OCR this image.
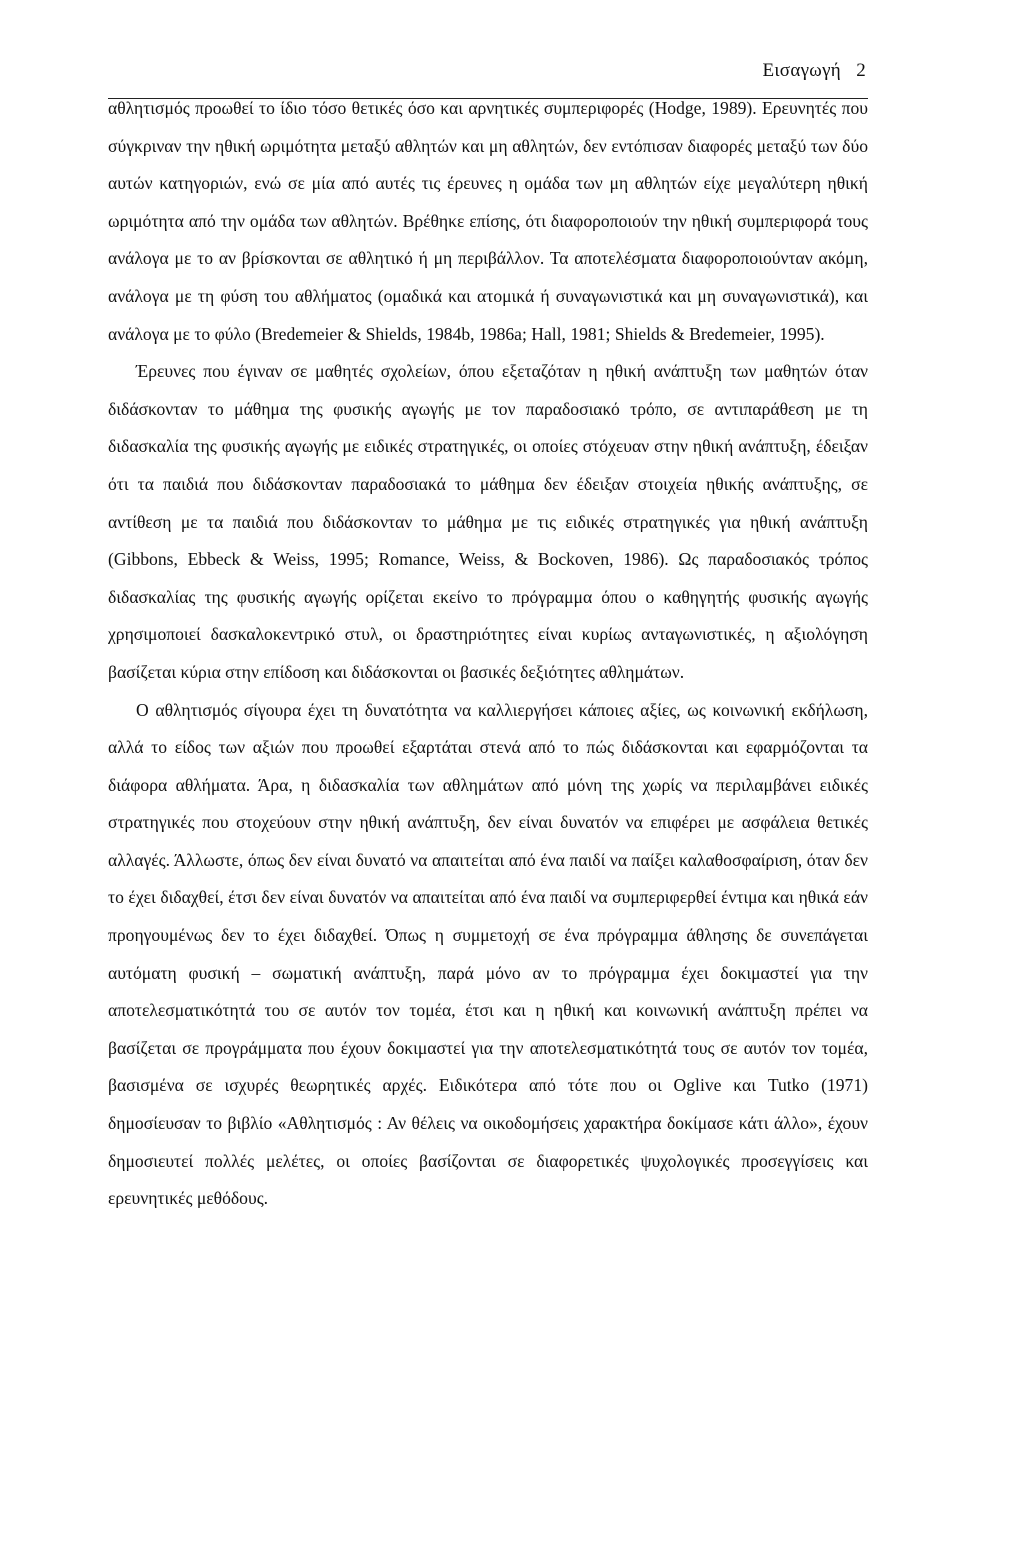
Εισαγωγή 2

αθλητισμός προωθεί το ίδιο τόσο θετικές όσο και αρνητικές συμπεριφορές (Hodge, 1989). Ερευνητές που σύγκριναν την ηθική ωριμότητα μεταξύ αθλητών και μη αθλητών, δεν εντόπισαν διαφορές μεταξύ των δύο αυτών κατηγοριών, ενώ σε μία από αυτές τις έρευνες η ομάδα των μη αθλητών είχε μεγαλύτερη ηθική ωριμότητα από την ομάδα των αθλητών. Βρέθηκε επίσης, ότι διαφοροποιούν την ηθική συμπεριφορά τους ανάλογα με το αν βρίσκονται σε αθλητικό ή μη περιβάλλον. Τα αποτελέσματα διαφοροποιούνταν ακόμη, ανάλογα με τη φύση του αθλήματος (ομαδικά και ατομικά ή συναγωνιστικά και μη συναγωνιστικά), και ανάλογα με το φύλο (Bredemeier & Shields, 1984b, 1986a; Hall, 1981; Shields & Bredemeier, 1995).

Έρευνες που έγιναν σε μαθητές σχολείων, όπου εξεταζόταν η ηθική ανάπτυξη των μαθητών όταν διδάσκονταν το μάθημα της φυσικής αγωγής με τον παραδοσιακό τρόπο, σε αντιπαράθεση με τη διδασκαλία της φυσικής αγωγής με ειδικές στρατηγικές, οι οποίες στόχευαν στην ηθική ανάπτυξη, έδειξαν ότι τα παιδιά που διδάσκονταν παραδοσιακά το μάθημα δεν έδειξαν στοιχεία ηθικής ανάπτυξης, σε αντίθεση με τα παιδιά που διδάσκονταν το μάθημα με τις ειδικές στρατηγικές για ηθική ανάπτυξη (Gibbons, Ebbeck & Weiss, 1995; Romance, Weiss, & Bockoven, 1986). Ως παραδοσιακός τρόπος διδασκαλίας της φυσικής αγωγής ορίζεται εκείνο το πρόγραμμα όπου ο καθηγητής φυσικής αγωγής χρησιμοποιεί δασκαλοκεντρικό στυλ, οι δραστηριότητες είναι κυρίως ανταγωνιστικές, η αξιολόγηση βασίζεται κύρια στην επίδοση και διδάσκονται οι βασικές δεξιότητες αθλημάτων.

Ο αθλητισμός σίγουρα έχει τη δυνατότητα να καλλιεργήσει κάποιες αξίες, ως κοινωνική εκδήλωση, αλλά το είδος των αξιών που προωθεί εξαρτάται στενά από το πώς διδάσκονται και εφαρμόζονται τα διάφορα αθλήματα. Άρα, η διδασκαλία των αθλημάτων από μόνη της χωρίς να περιλαμβάνει ειδικές στρατηγικές που στοχεύουν στην ηθική ανάπτυξη, δεν είναι δυνατόν να επιφέρει με ασφάλεια θετικές αλλαγές. Άλλωστε, όπως δεν είναι δυνατό να απαιτείται από ένα παιδί να παίξει καλαθοσφαίριση, όταν δεν το έχει διδαχθεί, έτσι δεν είναι δυνατόν να απαιτείται από ένα παιδί να συμπεριφερθεί έντιμα και ηθικά εάν προηγουμένως δεν το έχει διδαχθεί. Όπως η συμμετοχή σε ένα πρόγραμμα άθλησης δε συνεπάγεται αυτόματη φυσική – σωματική ανάπτυξη, παρά μόνο αν το πρόγραμμα έχει δοκιμαστεί για την αποτελεσματικότητά του σε αυτόν τον τομέα, έτσι και η ηθική και κοινωνική ανάπτυξη πρέπει να βασίζεται σε προγράμματα που έχουν δοκιμαστεί για την αποτελεσματικότητά τους σε αυτόν τον τομέα, βασισμένα σε ισχυρές θεωρητικές αρχές. Ειδικότερα από τότε που οι Oglive και Tutko (1971) δημοσίευσαν το βιβλίο «Αθλητισμός : Αν θέλεις να οικοδομήσεις χαρακτήρα δοκίμασε κάτι άλλο», έχουν δημοσιευτεί πολλές μελέτες, οι οποίες βασίζονται σε διαφορετικές ψυχολογικές προσεγγίσεις και ερευνητικές μεθόδους.
